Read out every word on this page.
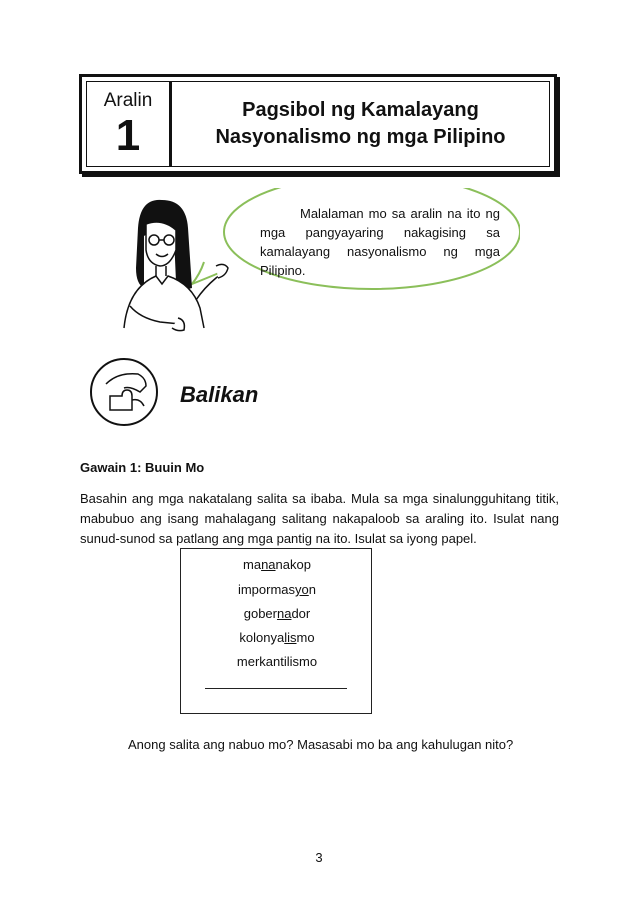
Aralin
1
Pagsibol ng Kamalayang
Nasyonalismo ng mga Pilipino
Malalaman mo sa aralin na ito ng mga pangyayaring nakagising sa kamalayang nasyonalismo ng mga Pilipino.
Balikan
Gawain 1: Buuin Mo
Basahin ang mga nakatalang salita sa ibaba. Mula sa mga sinalungguhitang titik, mabubuo ang isang mahalagang salitang nakapaloob sa araling ito. Isulat nang sunud-sunod sa patlang ang mga pantig na ito. Isulat sa iyong papel.
mananakop
impormasyon
gobernador
kolonyalismo
merkantilismo
Anong salita ang nabuo mo? Masasabi mo ba ang kahulugan nito?
3
